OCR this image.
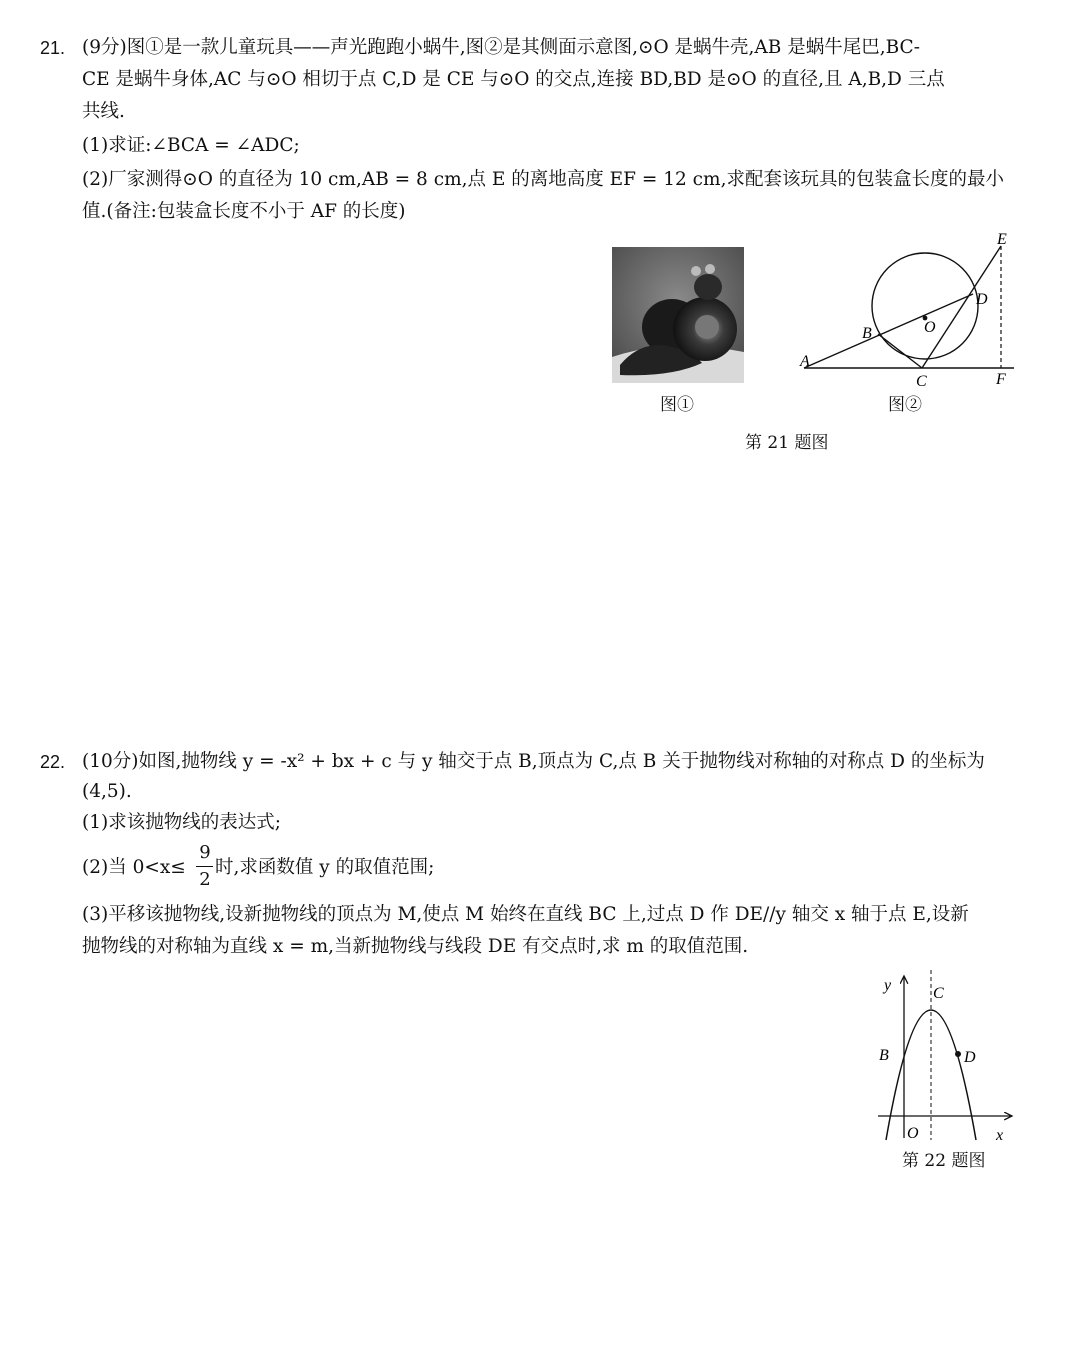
21. (9分)图①是一款儿童玩具——声光跑跑小蜗牛,图②是其侧面示意图,⊙O 是蜗牛壳,AB 是蜗牛尾巴,BC-
CE 是蜗牛身体,AC 与⊙O 相切于点 C,D 是 CE 与⊙O 的交点,连接 BD,BD 是⊙O 的直径,且 A,B,D 三点
共线.
(1)求证:∠BCA = ∠ADC;
(2)厂家测得⊙O 的直径为 10 cm,AB = 8 cm,点 E 的离地高度 EF = 12 cm,求配套该玩具的包装盒长度的最小
值.(备注:包装盒长度不小于 AF 的长度)
图①
A
B
C
D
E
F
O
图②
第 21 题图
22. (10分)如图,抛物线 y = -x² + bx + c 与 y 轴交于点 B,顶点为 C,点 B 关于抛物线对称轴的对称点 D 的坐标为
(4,5).
(1)求该抛物线的表达式;
(2)当 0<x≤
9
2
时,求函数值 y 的取值范围;
(3)平移该抛物线,设新抛物线的顶点为 M,使点 M 始终在直线 BC 上,过点 D 作 DE//y 轴交 x 轴于点 E,设新
抛物线的对称轴为直线 x = m,当新抛物线与线段 DE 有交点时,求 m 的取值范围.
y
x
O
B
C
D
第 22 题图
